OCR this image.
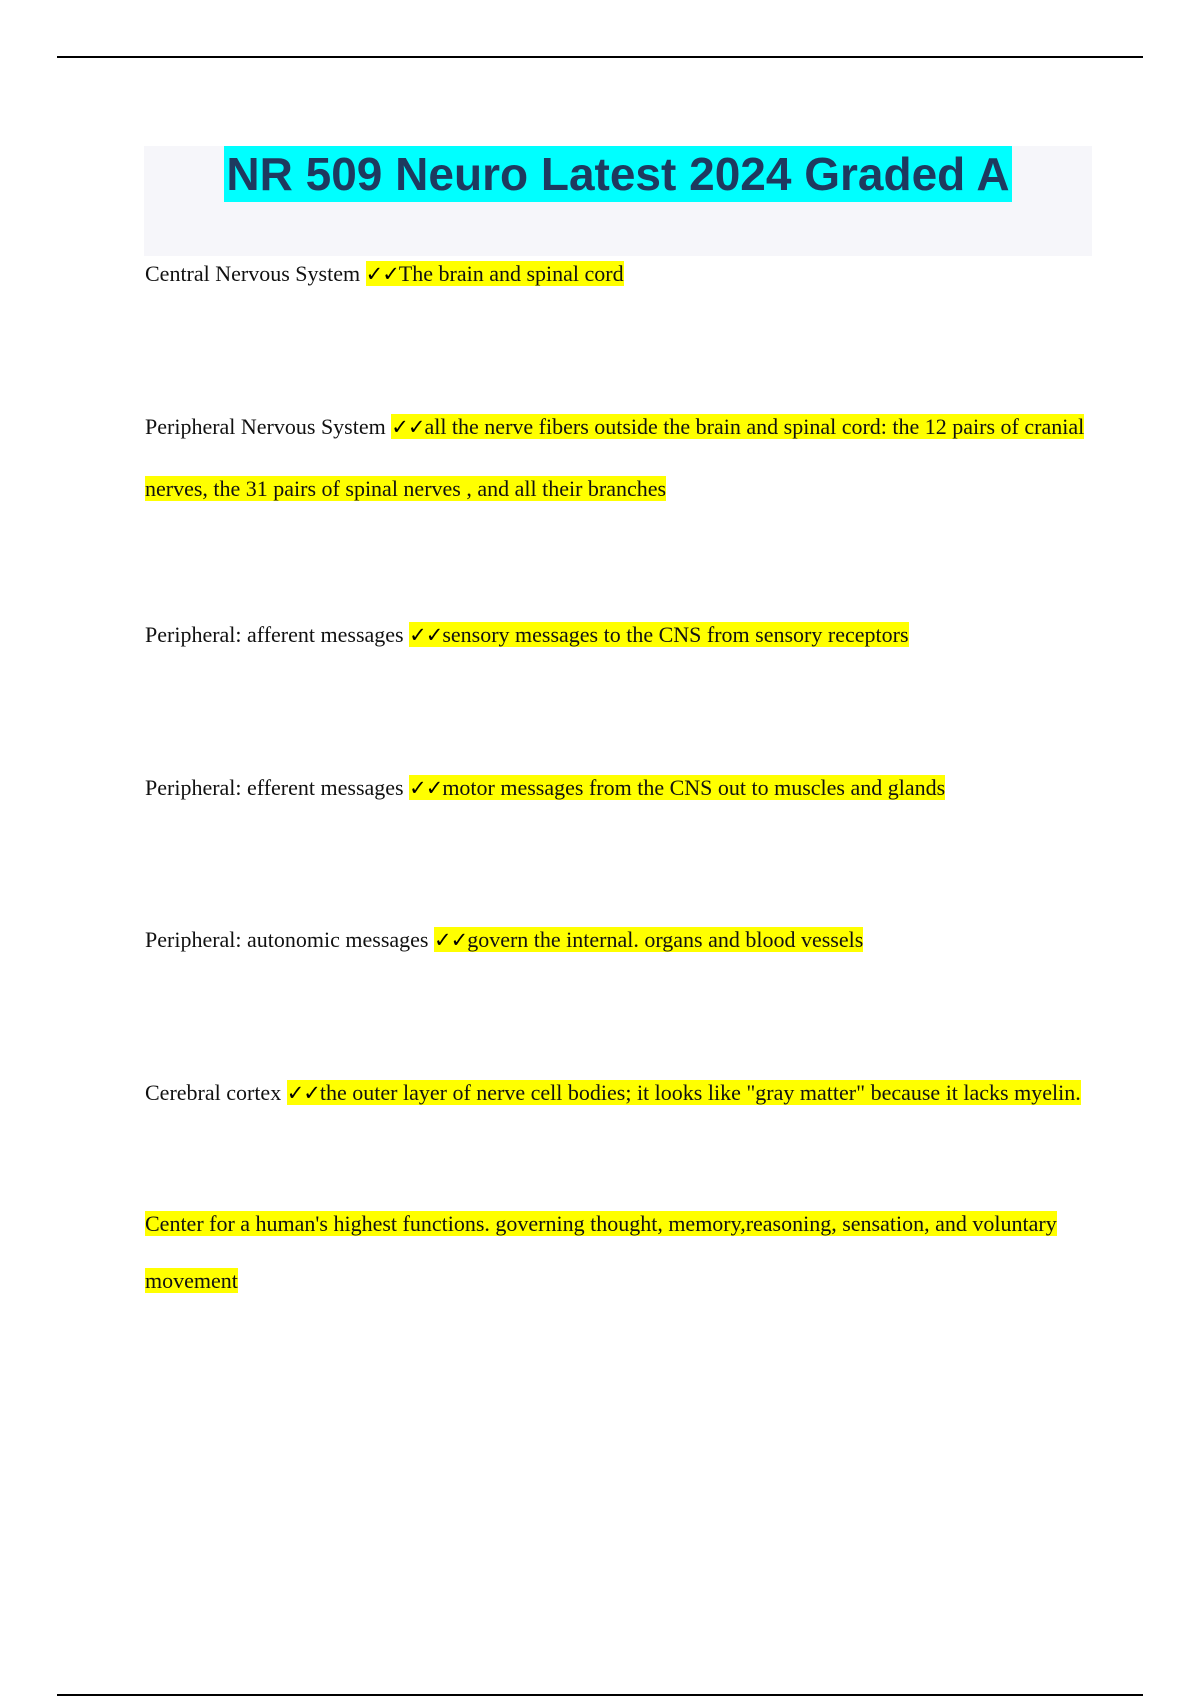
NR 509 Neuro Latest 2024 Graded A

Central Nervous System ✓✓The brain and spinal cord

Peripheral Nervous System ✓✓all the nerve fibers outside the brain and spinal cord: the 12 pairs of cranial nerves, the 31 pairs of spinal nerves , and all their branches

Peripheral: afferent messages ✓✓sensory messages to the CNS from sensory receptors

Peripheral: efferent messages ✓✓motor messages from the CNS out to muscles and glands

Peripheral: autonomic messages ✓✓govern the internal. organs and blood vessels

Cerebral cortex ✓✓the outer layer of nerve cell bodies; it looks like "gray matter" because it lacks myelin.

Center for a human's highest functions. governing thought, memory,reasoning, sensation, and voluntary movement
